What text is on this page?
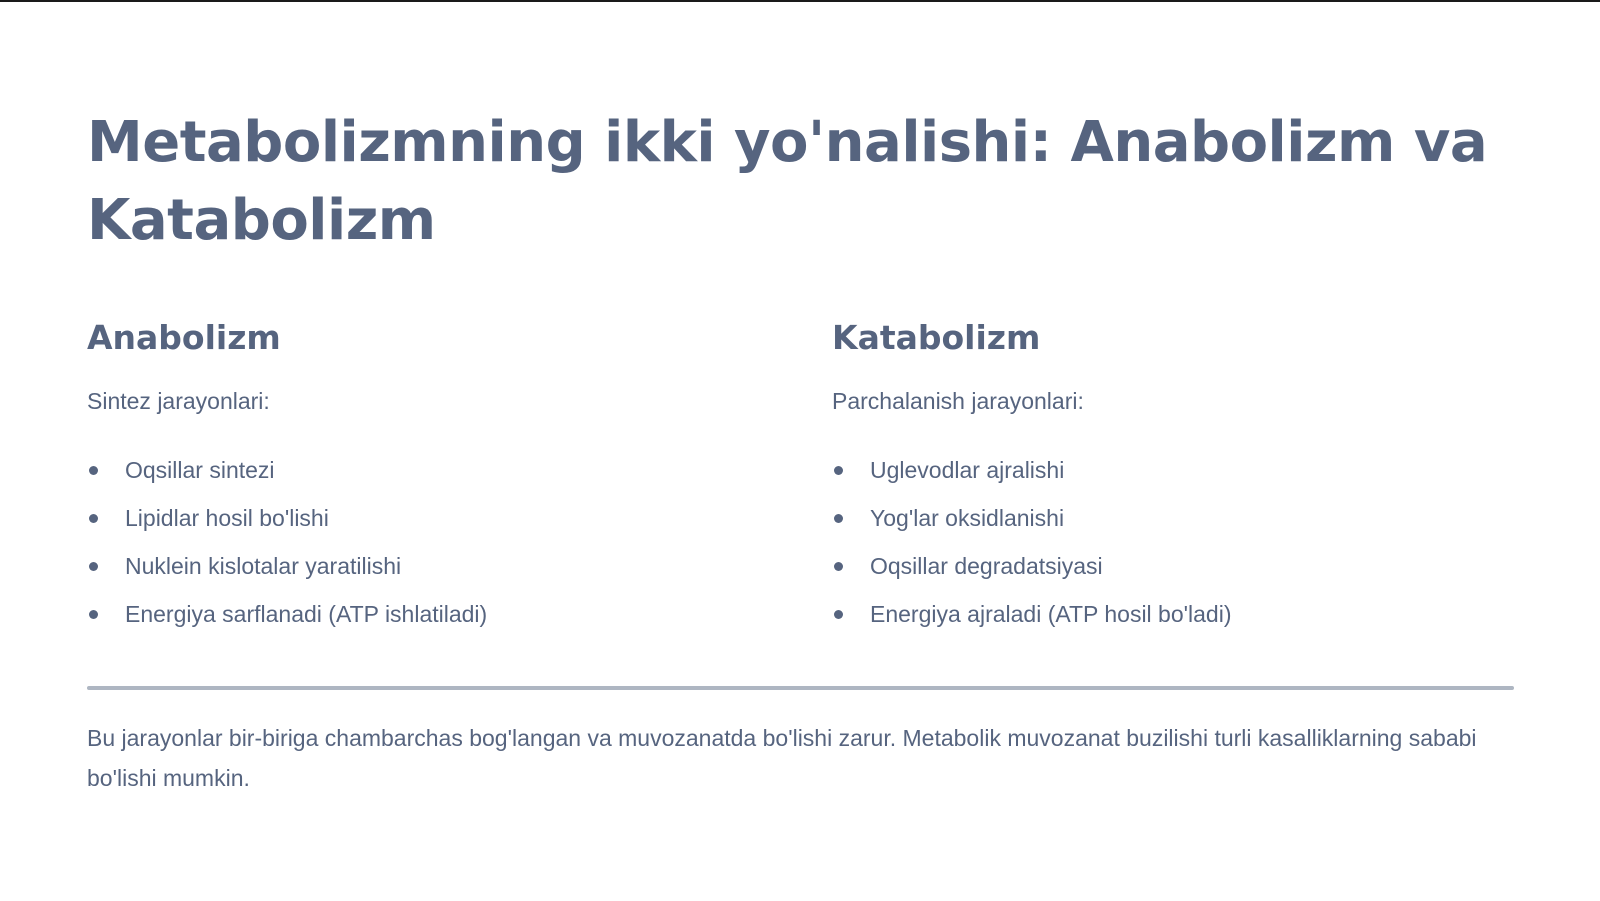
Metabolizmning ikki yo'nalishi: Anabolizm va Katabolizm
Anabolizm

Sintez jarayonlari:

Oqsillar sintezi
Lipidlar hosil bo'lishi
Nuklein kislotalar yaratilishi
Energiya sarflanadi (ATP ishlatiladi)
Katabolizm

Parchalanish jarayonlari:

Uglevodlar ajralishi
Yog'lar oksidlanishi
Oqsillar degradatsiyasi
Energiya ajraladi (ATP hosil bo'ladi)

Bu jarayonlar bir-biriga chambarchas bog'langan va muvozanatda bo'lishi zarur. Metabolik muvozanat buzilishi turli kasalliklarning sababi bo'lishi mumkin.
